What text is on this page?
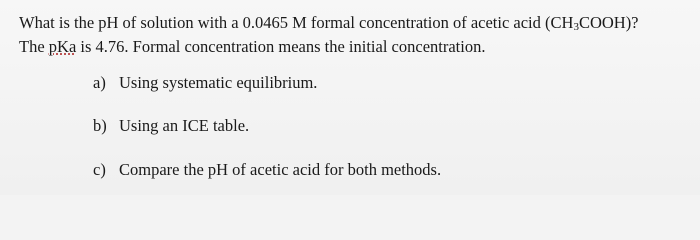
What is the pH of solution with a 0.0465 M formal concentration of acetic acid (CH3COOH)?
The pKa is 4.76. Formal concentration means the initial concentration.
a) Using systematic equilibrium.
b) Using an ICE table.
c) Compare the pH of acetic acid for both methods.
